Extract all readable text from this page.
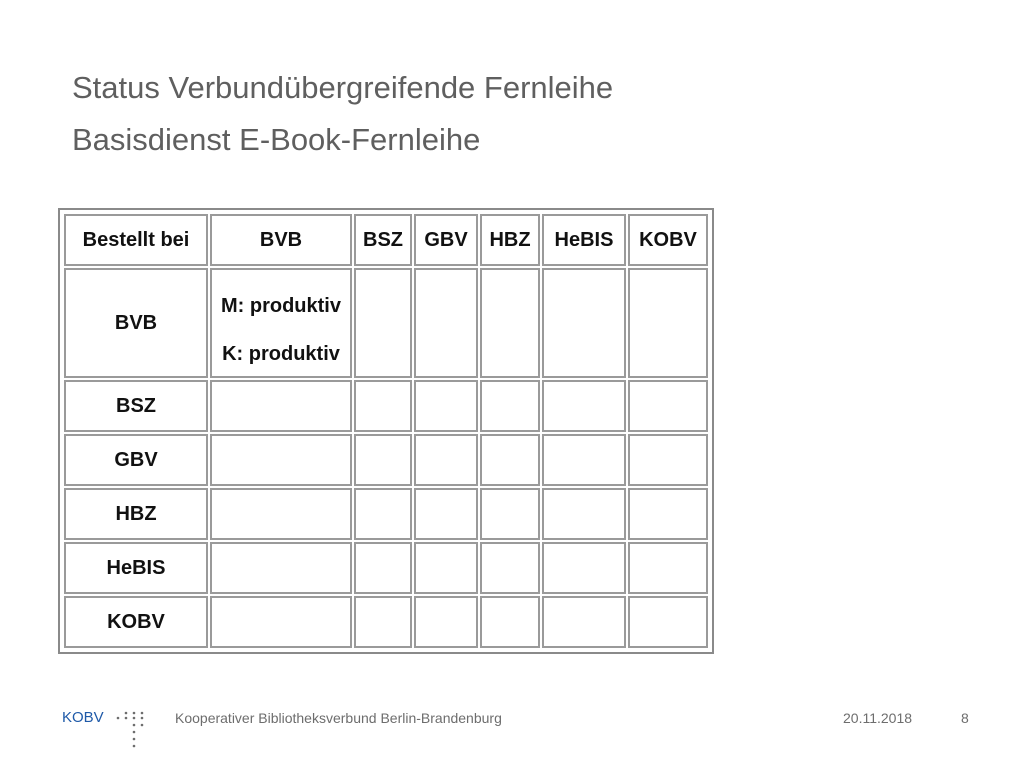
Status Verbundübergreifende Fernleihe
Basisdienst E-Book-Fernleihe
Bestellt bei	BVB	BSZ	GBV	HBZ	HeBIS	KOBV
BVB	M: produktiv
K: produktiv					

BSZ						
GBV						
HBZ						
HeBIS						
KOBV						
KOBV	Kooperativer Bibliotheksverbund Berlin-Brandenburg	20.11.2018	8
